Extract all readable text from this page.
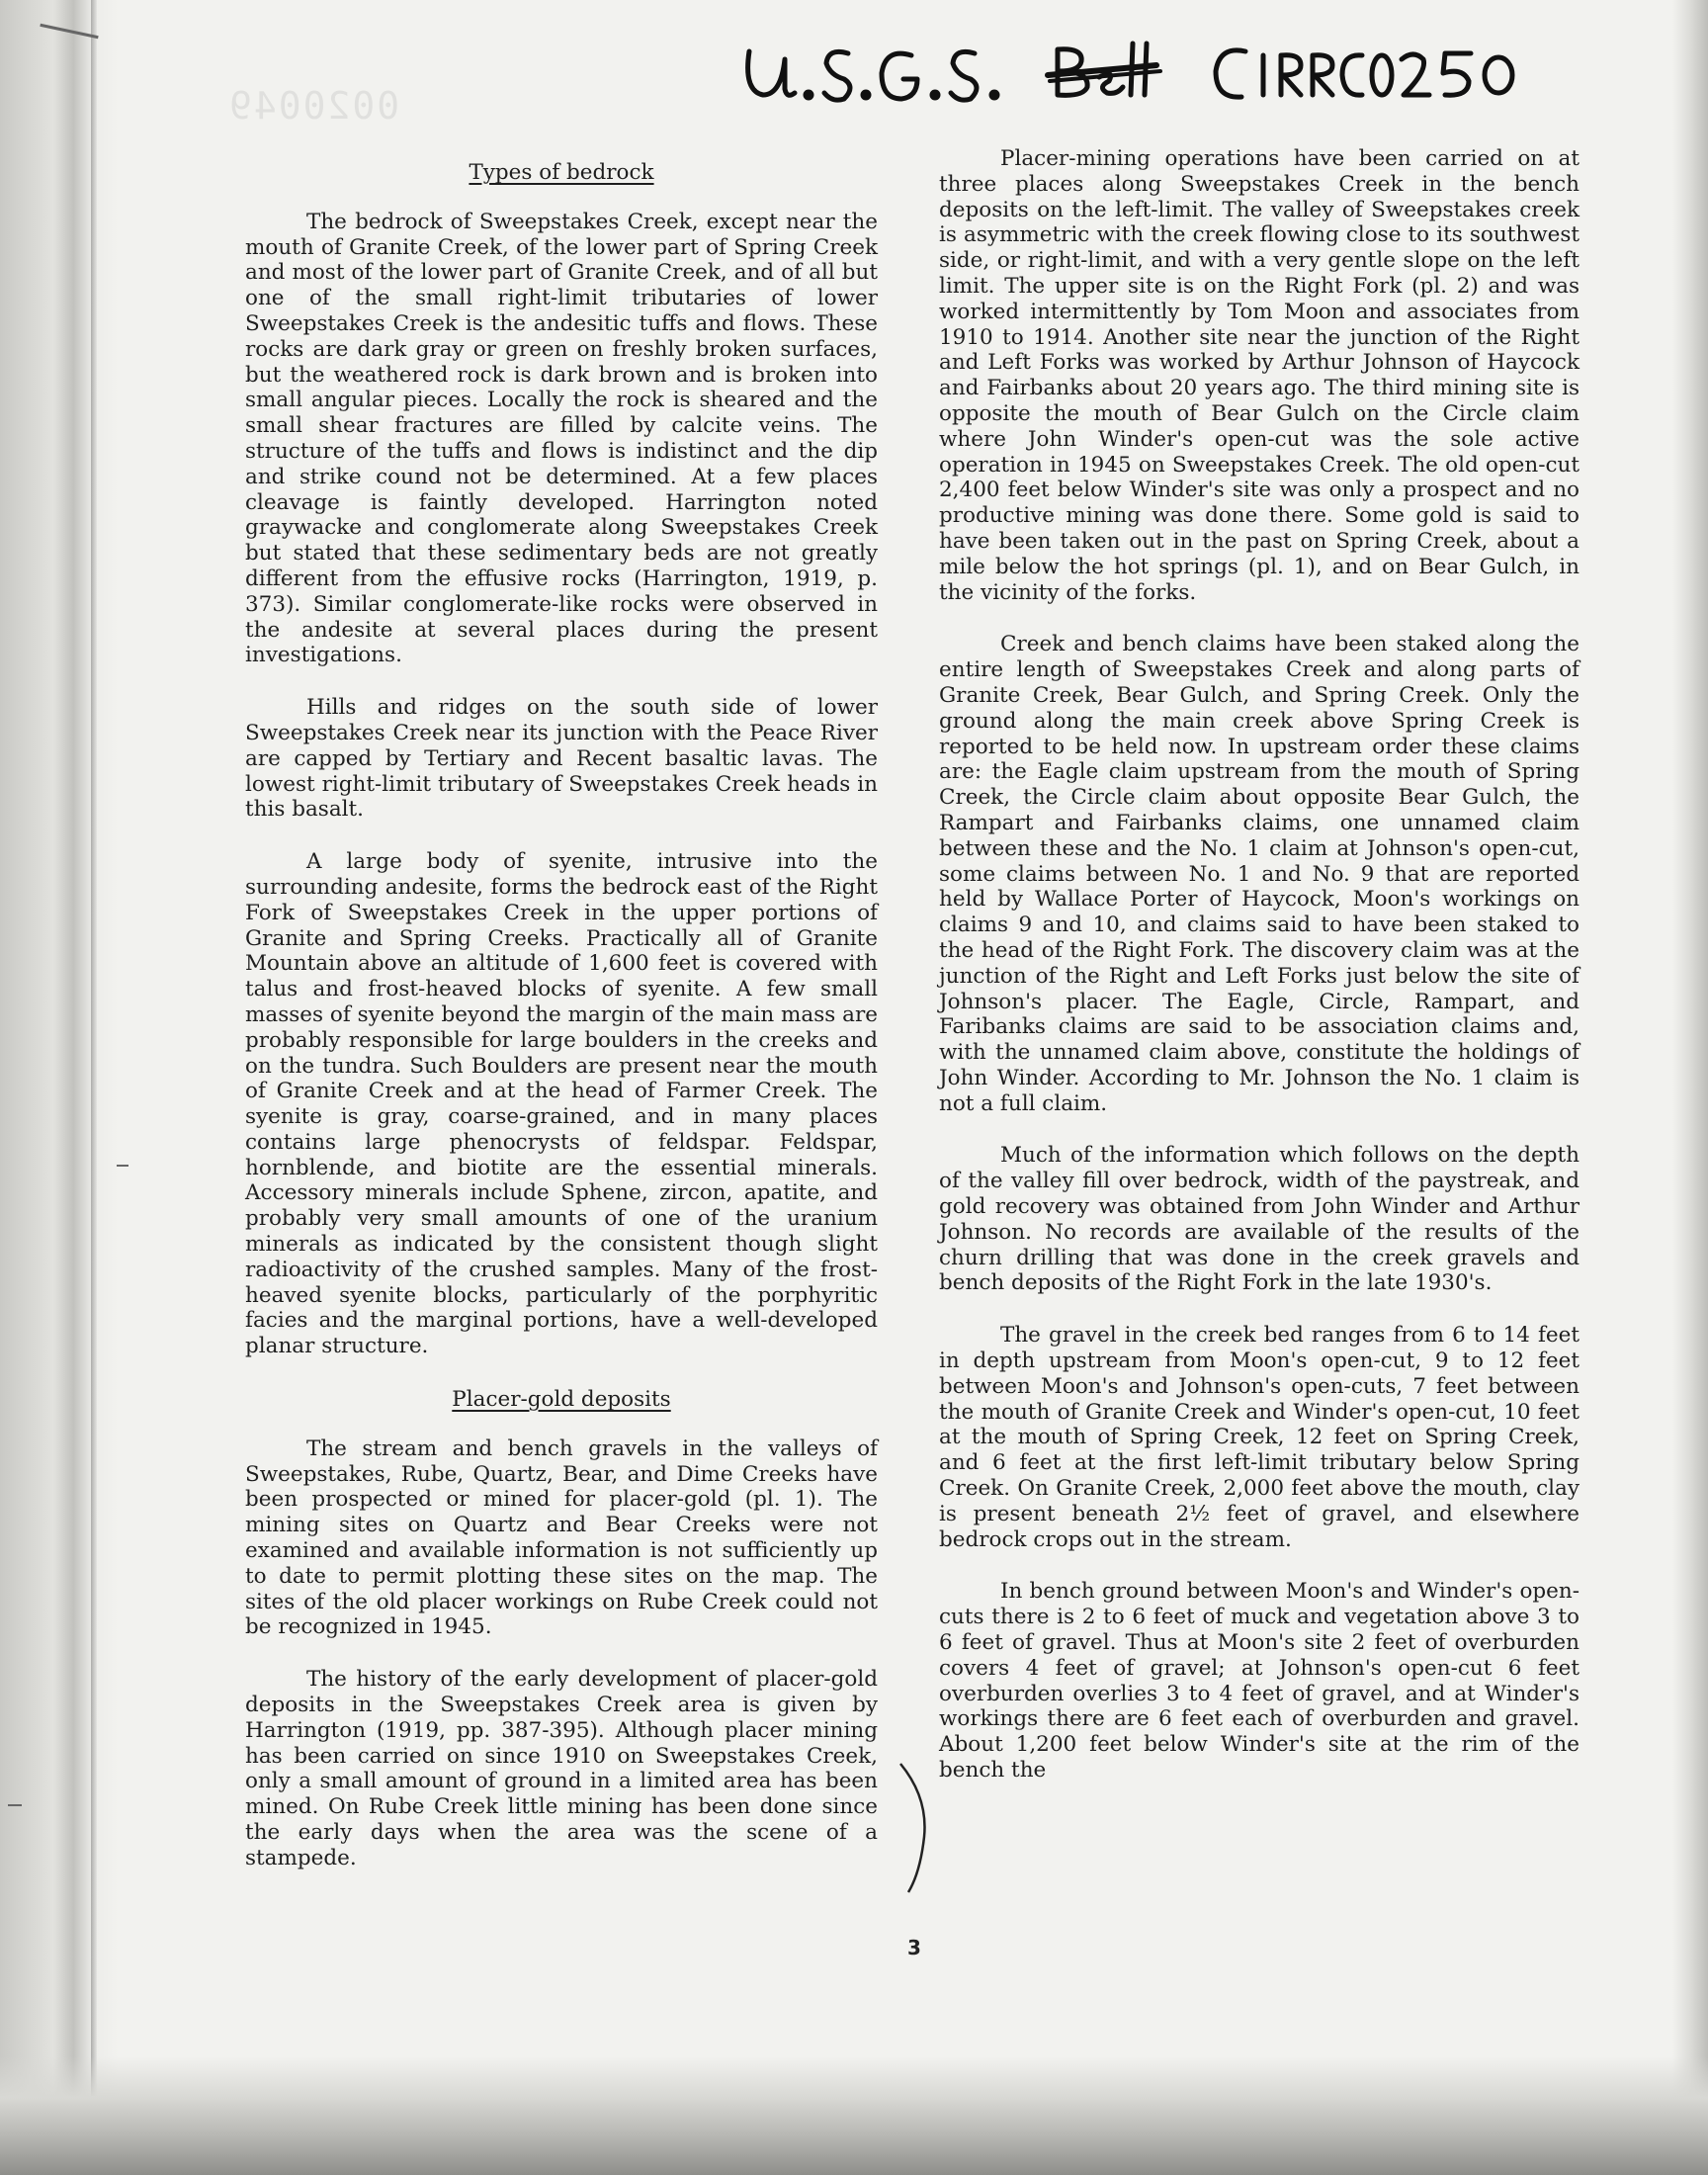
0020049
Types of bedrock

The bedrock of Sweepstakes Creek, except near the mouth of Granite Creek, of the lower part of Spring Creek and most of the lower part of Granite Creek, and of all but one of the small right-limit tributaries of lower Sweepstakes Creek is the andesitic tuffs and flows. These rocks are dark gray or green on freshly broken surfaces, but the weathered rock is dark brown and is broken into small angular pieces. Locally the rock is sheared and the small shear fractures are filled by calcite veins. The structure of the tuffs and flows is indistinct and the dip and strike cound not be determined. At a few places cleavage is faintly developed. Harrington noted graywacke and conglomerate along Sweepstakes Creek but stated that these sedimentary beds are not greatly different from the effusive rocks (Harrington, 1919, p. 373). Similar conglomerate-like rocks were observed in the andesite at several places during the present investigations.

Hills and ridges on the south side of lower Sweepstakes Creek near its junction with the Peace River are capped by Tertiary and Recent basaltic lavas. The lowest right-limit tributary of Sweepstakes Creek heads in this basalt.

A large body of syenite, intrusive into the surrounding andesite, forms the bedrock east of the Right Fork of Sweepstakes Creek in the upper portions of Granite and Spring Creeks. Practically all of Granite Mountain above an altitude of 1,600 feet is covered with talus and frost-heaved blocks of syenite. A few small masses of syenite beyond the margin of the main mass are probably responsible for large boulders in the creeks and on the tundra. Such Boulders are present near the mouth of Granite Creek and at the head of Farmer Creek. The syenite is gray, coarse-grained, and in many places contains large phenocrysts of feldspar. Feldspar, hornblende, and biotite are the essential minerals. Accessory minerals include Sphene, zircon, apatite, and probably very small amounts of one of the uranium minerals as indicated by the consistent though slight radioactivity of the crushed samples. Many of the frost-heaved syenite blocks, particularly of the porphyritic facies and the marginal portions, have a well-developed planar structure.

Placer-gold deposits

The stream and bench gravels in the valleys of Sweepstakes, Rube, Quartz, Bear, and Dime Creeks have been prospected or mined for placer-gold (pl. 1). The mining sites on Quartz and Bear Creeks were not examined and available information is not sufficiently up to date to permit plotting these sites on the map. The sites of the old placer workings on Rube Creek could not be recognized in 1945.

The history of the early development of placer-gold deposits in the Sweepstakes Creek area is given by Harrington (1919, pp. 387-395). Although placer mining has been carried on since 1910 on Sweepstakes Creek, only a small amount of ground in a limited area has been mined. On Rube Creek little mining has been done since the early days when the area was the scene of a stampede.

Placer-mining operations have been carried on at three places along Sweepstakes Creek in the bench deposits on the left-limit. The valley of Sweepstakes creek is asymmetric with the creek flowing close to its southwest side, or right-limit, and with a very gentle slope on the left limit. The upper site is on the Right Fork (pl. 2) and was worked intermittently by Tom Moon and associates from 1910 to 1914. Another site near the junction of the Right and Left Forks was worked by Arthur Johnson of Haycock and Fairbanks about 20 years ago. The third mining site is opposite the mouth of Bear Gulch on the Circle claim where John Winder's open-cut was the sole active operation in 1945 on Sweepstakes Creek. The old open-cut 2,400 feet below Winder's site was only a prospect and no productive mining was done there. Some gold is said to have been taken out in the past on Spring Creek, about a mile below the hot springs (pl. 1), and on Bear Gulch, in the vicinity of the forks.

Creek and bench claims have been staked along the entire length of Sweepstakes Creek and along parts of Granite Creek, Bear Gulch, and Spring Creek. Only the ground along the main creek above Spring Creek is reported to be held now. In upstream order these claims are: the Eagle claim upstream from the mouth of Spring Creek, the Circle claim about opposite Bear Gulch, the Rampart and Fairbanks claims, one unnamed claim between these and the No. 1 claim at Johnson's open-cut, some claims between No. 1 and No. 9 that are reported held by Wallace Porter of Haycock, Moon's workings on claims 9 and 10, and claims said to have been staked to the head of the Right Fork. The discovery claim was at the junction of the Right and Left Forks just below the site of Johnson's placer. The Eagle, Circle, Rampart, and Faribanks claims are said to be association claims and, with the unnamed claim above, constitute the holdings of John Winder. According to Mr. Johnson the No. 1 claim is not a full claim.

Much of the information which follows on the depth of the valley fill over bedrock, width of the paystreak, and gold recovery was obtained from John Winder and Arthur Johnson. No records are available of the results of the churn drilling that was done in the creek gravels and bench deposits of the Right Fork in the late 1930's.

The gravel in the creek bed ranges from 6 to 14 feet in depth upstream from Moon's open-cut, 9 to 12 feet between Moon's and Johnson's open-cuts, 7 feet between the mouth of Granite Creek and Winder's open-cut, 10 feet at the mouth of Spring Creek, 12 feet on Spring Creek, and 6 feet at the first left-limit tributary below Spring Creek. On Granite Creek, 2,000 feet above the mouth, clay is present beneath 2½ feet of gravel, and elsewhere bedrock crops out in the stream.

In bench ground between Moon's and Winder's open-cuts there is 2 to 6 feet of muck and vegetation above 3 to 6 feet of gravel. Thus at Moon's site 2 feet of overburden covers 4 feet of gravel; at Johnson's open-cut 6 feet overburden overlies 3 to 4 feet of gravel, and at Winder's workings there are 6 feet each of overburden and gravel. About 1,200 feet below Winder's site at the rim of the bench the

3
